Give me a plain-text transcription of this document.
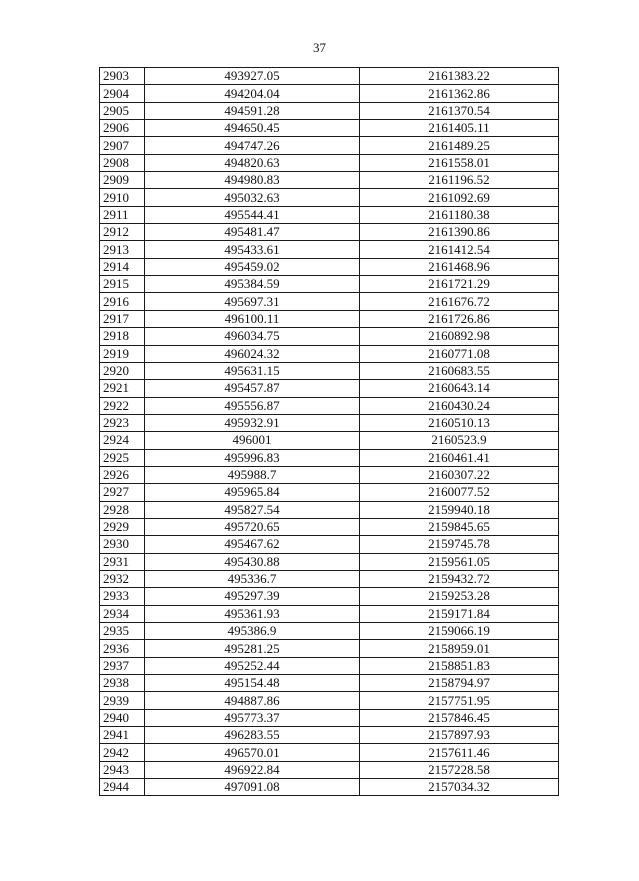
37
2903	493927.05	2161383.22
2904	494204.04	2161362.86
2905	494591.28	2161370.54
2906	494650.45	2161405.11
2907	494747.26	2161489.25
2908	494820.63	2161558.01
2909	494980.83	2161196.52
2910	495032.63	2161092.69
2911	495544.41	2161180.38
2912	495481.47	2161390.86
2913	495433.61	2161412.54
2914	495459.02	2161468.96
2915	495384.59	2161721.29
2916	495697.31	2161676.72
2917	496100.11	2161726.86
2918	496034.75	2160892.98
2919	496024.32	2160771.08
2920	495631.15	2160683.55
2921	495457.87	2160643.14
2922	495556.87	2160430.24
2923	495932.91	2160510.13
2924	496001	2160523.9
2925	495996.83	2160461.41
2926	495988.7	2160307.22
2927	495965.84	2160077.52
2928	495827.54	2159940.18
2929	495720.65	2159845.65
2930	495467.62	2159745.78
2931	495430.88	2159561.05
2932	495336.7	2159432.72
2933	495297.39	2159253.28
2934	495361.93	2159171.84
2935	495386.9	2159066.19
2936	495281.25	2158959.01
2937	495252.44	2158851.83
2938	495154.48	2158794.97
2939	494887.86	2157751.95
2940	495773.37	2157846.45
2941	496283.55	2157897.93
2942	496570.01	2157611.46
2943	496922.84	2157228.58
2944	497091.08	2157034.32
